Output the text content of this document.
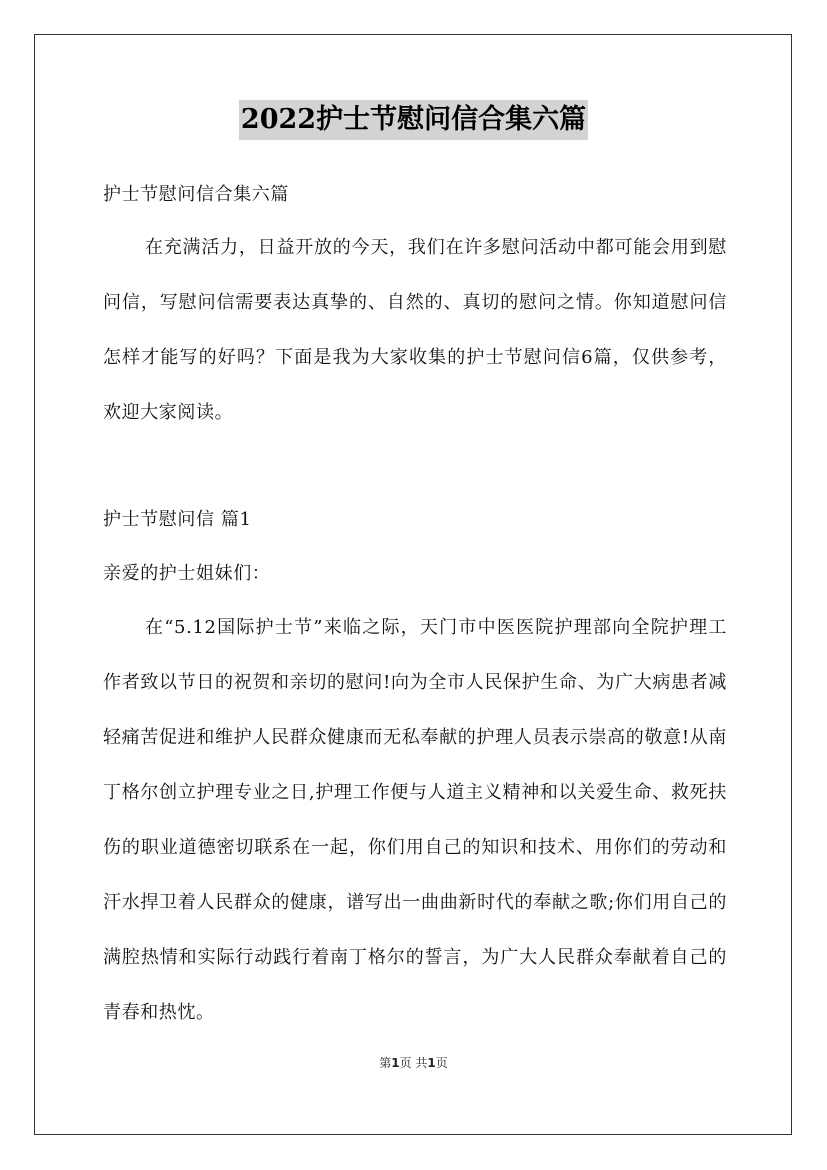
2022护士节慰问信合集六篇

护士节慰问信合集六篇

在充满活力，日益开放的今天，我们在许多慰问活动中都可能会用到慰问信，写慰问信需要表达真挚的、自然的、真切的慰问之情。你知道慰问信怎样才能写的好吗？下面是我为大家收集的护士节慰问信6篇，仅供参考，欢迎大家阅读。

护士节慰问信 篇1

亲爱的护士姐妹们：

在“5.12国际护士节”来临之际，天门市中医医院护理部向全院护理工作者致以节日的祝贺和亲切的慰问!向为全市人民保护生命、为广大病患者减轻痛苦促进和维护人民群众健康而无私奉献的护理人员表示崇高的敬意!从南丁格尔创立护理专业之日,护理工作便与人道主义精神和以关爱生命、救死扶伤的职业道德密切联系在一起，你们用自己的知识和技术、用你们的劳动和汗水捍卫着人民群众的健康，谱写出一曲曲新时代的奉献之歌;你们用自己的满腔热情和实际行动践行着南丁格尔的誓言，为广大人民群众奉献着自己的青春和热忱。

第1页 共1页
